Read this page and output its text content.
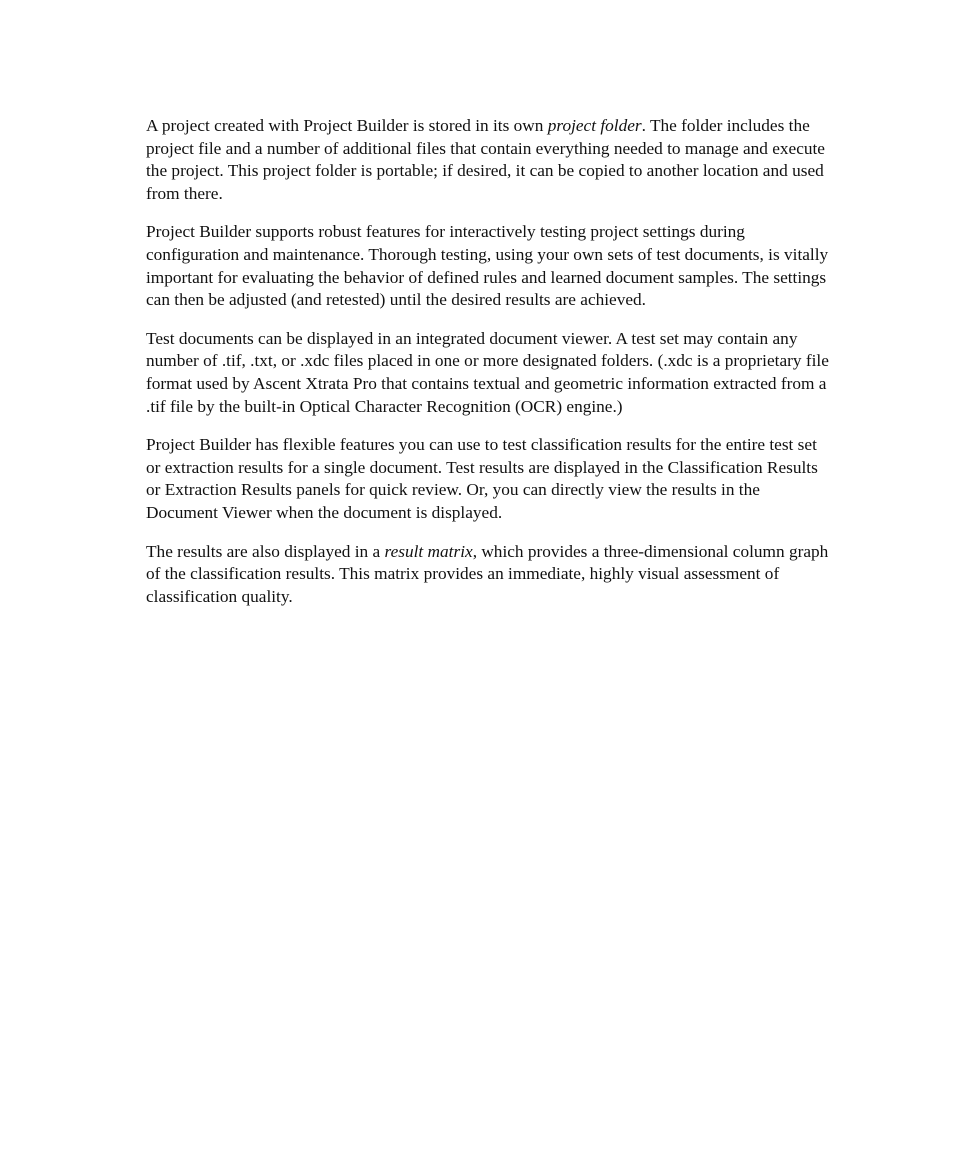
A project created with Project Builder is stored in its own project folder. The folder includes the project file and a number of additional files that contain everything needed to manage and execute the project. This project folder is portable; if desired, it can be copied to another location and used from there.

Project Builder supports robust features for interactively testing project settings during configuration and maintenance. Thorough testing, using your own sets of test documents, is vitally important for evaluating the behavior of defined rules and learned document samples. The settings can then be adjusted (and retested) until the desired results are achieved.

Test documents can be displayed in an integrated document viewer. A test set may contain any number of .tif, .txt, or .xdc files placed in one or more designated folders. (.xdc is a proprietary file format used by Ascent Xtrata Pro that contains textual and geometric information extracted from a .tif file by the built-in Optical Character Recognition (OCR) engine.)

Project Builder has flexible features you can use to test classification results for the entire test set or extraction results for a single document. Test results are displayed in the Classification Results or Extraction Results panels for quick review. Or, you can directly view the results in the Document Viewer when the document is displayed.

The results are also displayed in a result matrix, which provides a three-dimensional column graph of the classification results. This matrix provides an immediate, highly visual assessment of classification quality.
